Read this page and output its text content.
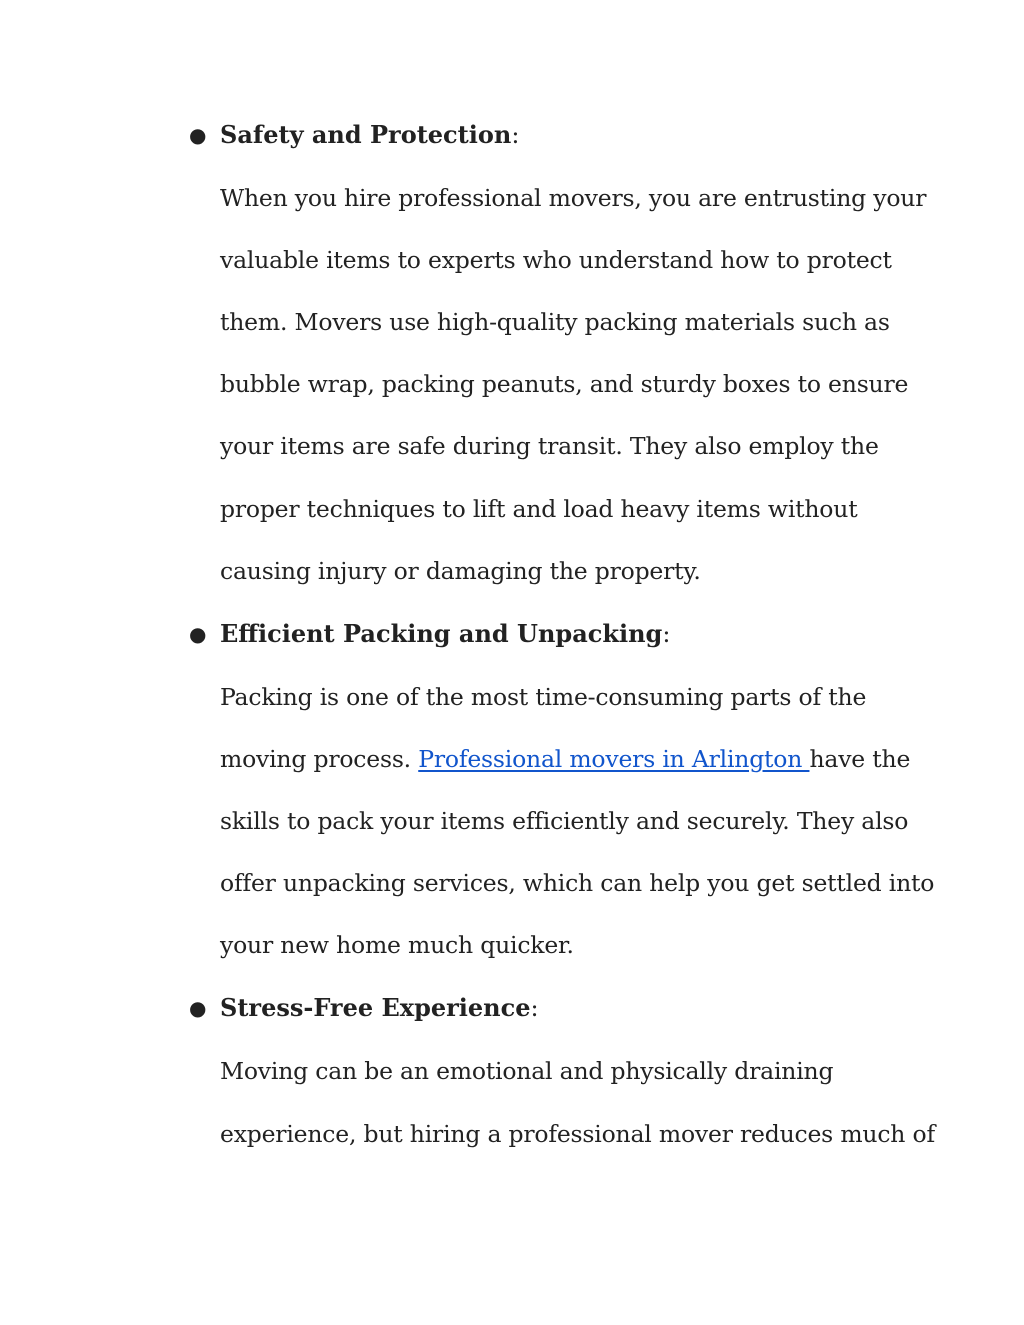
● Safety and Protection:
When you hire professional movers, you are entrusting your
valuable items to experts who understand how to protect
them. Movers use high-quality packing materials such as
bubble wrap, packing peanuts, and sturdy boxes to ensure
your items are safe during transit. They also employ the
proper techniques to lift and load heavy items without
causing injury or damaging the property.
● Efficient Packing and Unpacking:
Packing is one of the most time-consuming parts of the
moving process. Professional movers in Arlington have the
skills to pack your items efficiently and securely. They also
offer unpacking services, which can help you get settled into
your new home much quicker.
● Stress-Free Experience:
Moving can be an emotional and physically draining
experience, but hiring a professional mover reduces much of
